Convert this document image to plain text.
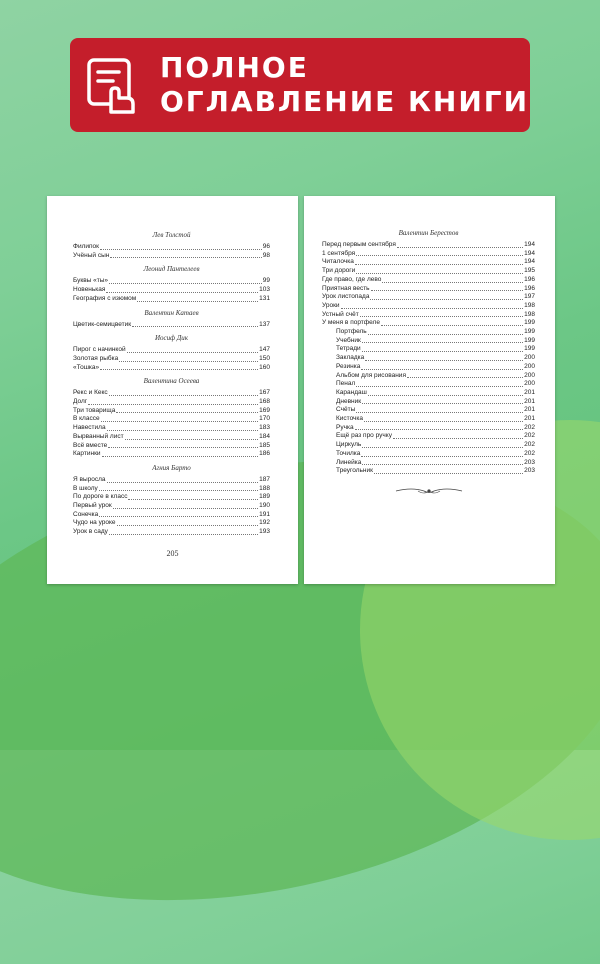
ПОЛНОЕ
ОГЛАВЛЕНИЕ КНИГИ
Лев Толстой
Филипок	96
Учёный сын	98
Леонид Пантелеев
Буквы «ты»	99
Новенькая	103
География с изюмом	131
Валентин Катаев
Цветик-семицветик	137
Иосиф Дик
Пирог с начинкой	147
Золотая рыбка	150
«Тошка»	160
Валентина Осеева
Рекс и Кекс	167
Долг	168
Три товарища	169
В классе	170
Навестила	183
Вырванный лист	184
Всё вместе	185
Картинки	186
Агния Барто
Я выросла	187
В школу	188
По дороге в класс	189
Первый урок	190
Сонечка	191
Чудо на уроке	192
Урок в саду	193
205
Валентин Берестов
Перед первым сентября	194
1 сентября	194
Читалочка	194
Три дороги	195
Где право, где лево	196
Приятная весть	196
Урок листопада	197
Уроки	198
Устный счёт	198
У меня в портфеле	199
Портфель	199
Учебник	199
Тетради	199
Закладка	200
Резинка	200
Альбом для рисования	200
Пенал	200
Карандаш	201
Дневник	201
Счёты	201
Кисточка	201
Ручка	202
Ещё раз про ручку	202
Циркуль	202
Точилка	202
Линейка	203
Треугольник	203
